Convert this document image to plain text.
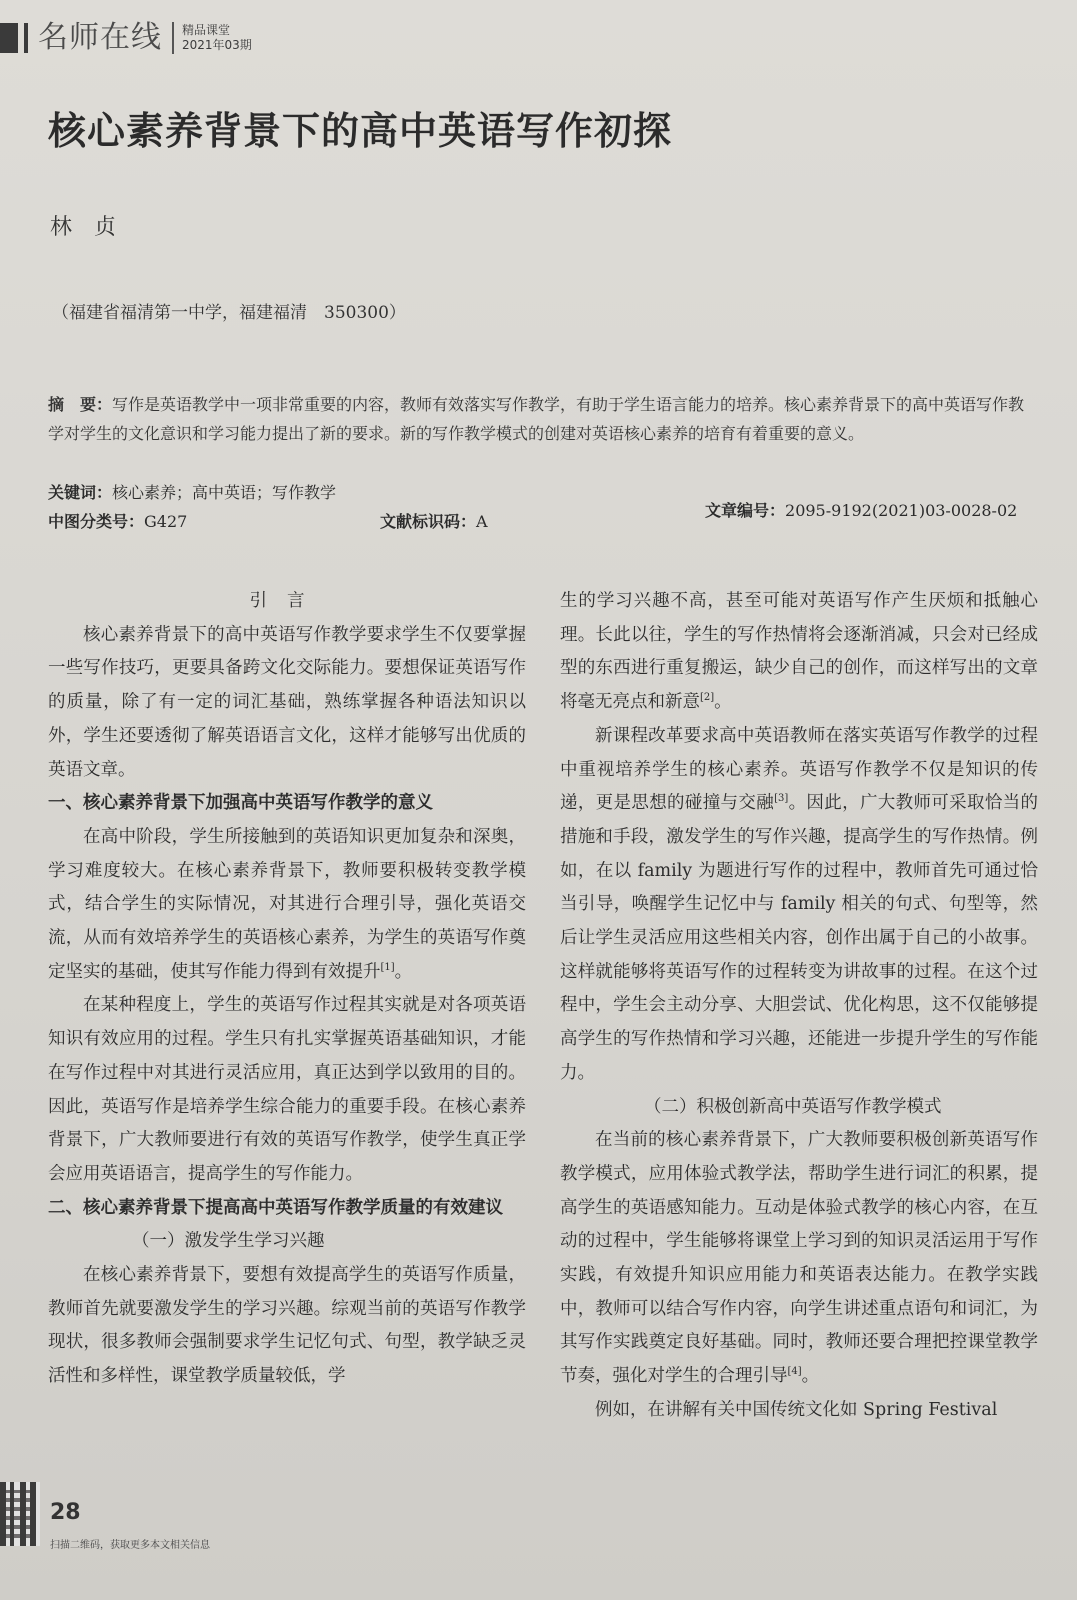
名师在线	精品课堂
2021年03期
核心素养背景下的高中英语写作初探
林贞
（福建省福清第一中学，福建福清　350300）
摘　要：写作是英语教学中一项非常重要的内容，教师有效落实写作教学，有助于学生语言能力的培养。核心素养背景下的高中英语写作教学对学生的文化意识和学习能力提出了新的要求。新的写作教学模式的创建对英语核心素养的培育有着重要的意义。
关键词：核心素养；高中英语；写作教学
中图分类号：G427	文献标识码：A
文章编号：2095-9192(2021)03-0028-02
引言

核心素养背景下的高中英语写作教学要求学生不仅要掌握一些写作技巧，更要具备跨文化交际能力。要想保证英语写作的质量，除了有一定的词汇基础，熟练掌握各种语法知识以外，学生还要透彻了解英语语言文化，这样才能够写出优质的英语文章。

一、核心素养背景下加强高中英语写作教学的意义

在高中阶段，学生所接触到的英语知识更加复杂和深奥，学习难度较大。在核心素养背景下，教师要积极转变教学模式，结合学生的实际情况，对其进行合理引导，强化英语交流，从而有效培养学生的英语核心素养，为学生的英语写作奠定坚实的基础，使其写作能力得到有效提升[1]。

在某种程度上，学生的英语写作过程其实就是对各项英语知识有效应用的过程。学生只有扎实掌握英语基础知识，才能在写作过程中对其进行灵活应用，真正达到学以致用的目的。因此，英语写作是培养学生综合能力的重要手段。在核心素养背景下，广大教师要进行有效的英语写作教学，使学生真正学会应用英语语言，提高学生的写作能力。

二、核心素养背景下提高高中英语写作教学质量的有效建议

（一）激发学生学习兴趣

在核心素养背景下，要想有效提高学生的英语写作质量，教师首先就要激发学生的学习兴趣。综观当前的英语写作教学现状，很多教师会强制要求学生记忆句式、句型，教学缺乏灵活性和多样性，课堂教学质量较低，学

生的学习兴趣不高，甚至可能对英语写作产生厌烦和抵触心理。长此以往，学生的写作热情将会逐渐消减，只会对已经成型的东西进行重复搬运，缺少自己的创作，而这样写出的文章将毫无亮点和新意[2]。

新课程改革要求高中英语教师在落实英语写作教学的过程中重视培养学生的核心素养。英语写作教学不仅是知识的传递，更是思想的碰撞与交融[3]。因此，广大教师可采取恰当的措施和手段，激发学生的写作兴趣，提高学生的写作热情。例如，在以 family 为题进行写作的过程中，教师首先可通过恰当引导，唤醒学生记忆中与 family 相关的句式、句型等，然后让学生灵活应用这些相关内容，创作出属于自己的小故事。这样就能够将英语写作的过程转变为讲故事的过程。在这个过程中，学生会主动分享、大胆尝试、优化构思，这不仅能够提高学生的写作热情和学习兴趣，还能进一步提升学生的写作能力。

（二）积极创新高中英语写作教学模式

在当前的核心素养背景下，广大教师要积极创新英语写作教学模式，应用体验式教学法，帮助学生进行词汇的积累，提高学生的英语感知能力。互动是体验式教学的核心内容，在互动的过程中，学生能够将课堂上学习到的知识灵活运用于写作实践，有效提升知识应用能力和英语表达能力。在教学实践中，教师可以结合写作内容，向学生讲述重点语句和词汇，为其写作实践奠定良好基础。同时，教师还要合理把控课堂教学节奏，强化对学生的合理引导[4]。

例如，在讲解有关中国传统文化如 Spring Festival

28
扫描二维码，获取更多本文相关信息
